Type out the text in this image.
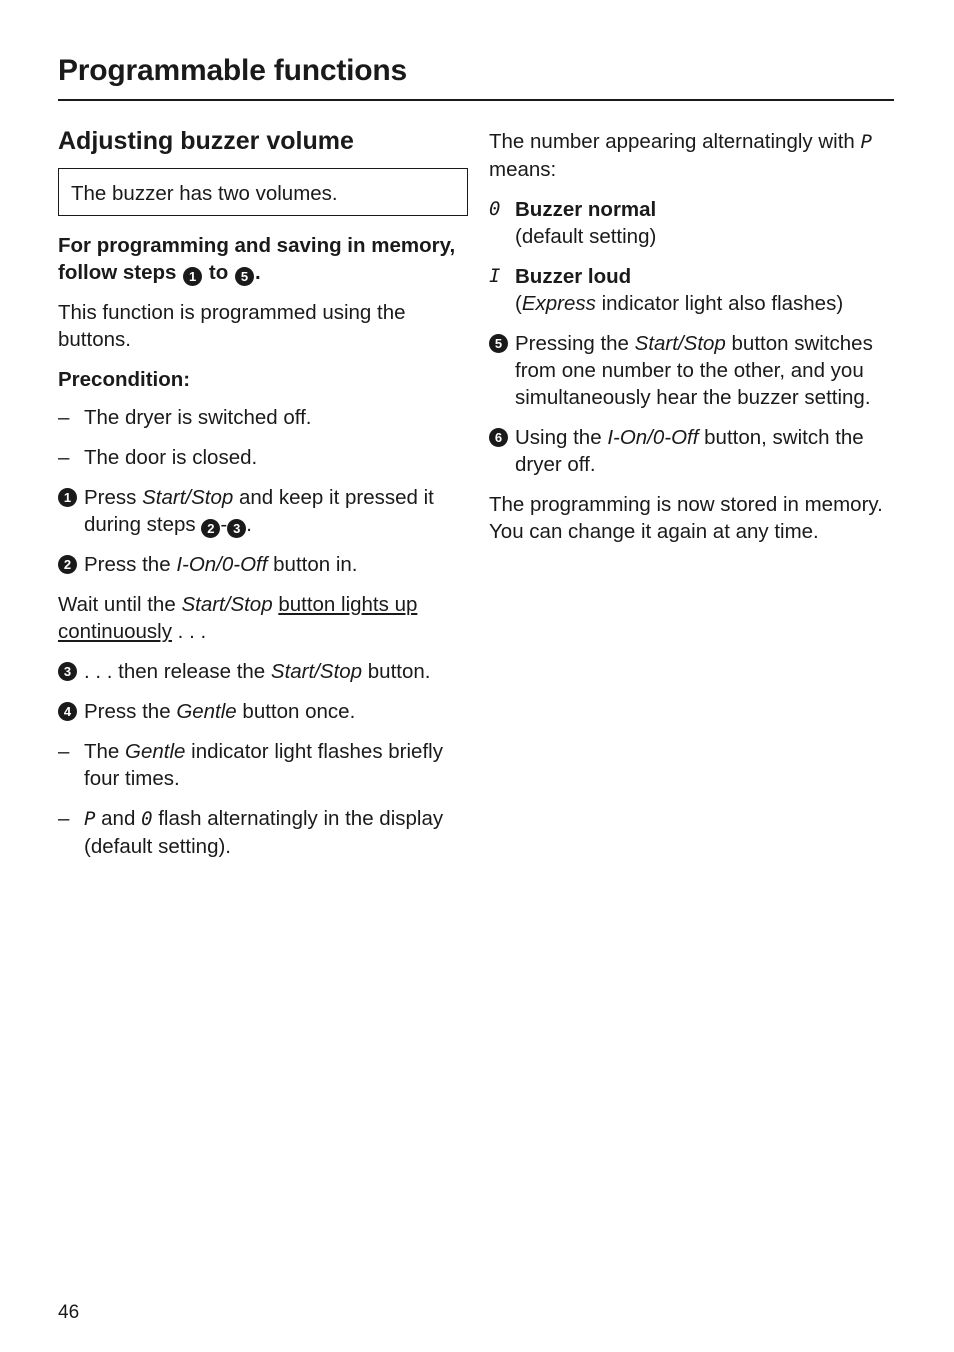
Programmable functions
Adjusting buzzer volume
The buzzer has two volumes.

For programming and saving in memory, follow steps 1 to 5 .

This function is programmed using the buttons.

Precondition:

– The dryer is switched off.
– The door is closed.
1 Press Start/Stop and keep it pressed it during steps 2 - 3 .
2 Press the I-On/0-Off button in.

Wait until the Start/Stop button lights up continuously . . .

3 . . . then release the Start/Stop button.
4 Press the Gentle button once.
– The Gentle indicator light flashes briefly four times.
– P and 0 flash alternatingly in the display (default setting).

The number appearing alternatingly with P means:

0 Buzzer normal
(default setting)
I Buzzer loud
(Express indicator light also flashes)
5 Pressing the Start/Stop button switches from one number to the other, and you simultaneously hear the buzzer setting.
6 Using the I-On/0-Off button, switch the dryer off.

The programming is now stored in memory. You can change it again at any time.

46
